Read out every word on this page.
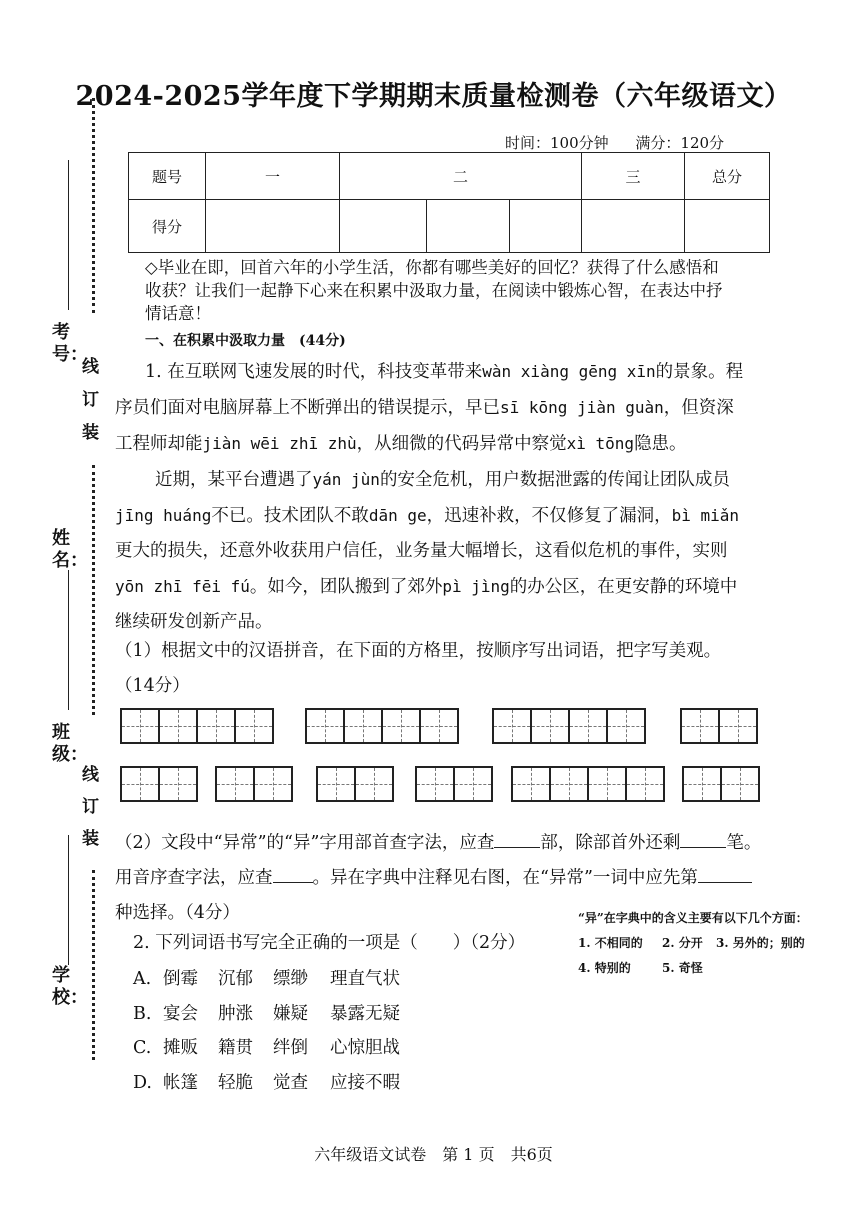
2024-2025学年度下学期期末质量检测卷（六年级语文）
时间：100分钟 满分：120分
题号	一	二			三	总分
得分						
考号：
姓名：
班级：
学校：
线
订
装
线
订
装
◇毕业在即，回首六年的小学生活，你都有哪些美好的回忆？获得了什么感悟和
收获？让我们一起静下心来在积累中汲取力量，在阅读中锻炼心智，在表达中抒
情话意！
一、在积累中汲取力量　(44分)
1. 在互联网飞速发展的时代，科技变革带来wàn xiàng gēng xīn的景象。程
序员们面对电脑屏幕上不断弹出的错误提示，早已sī kōng jiàn guàn，但资深
工程师却能jiàn wēi zhī zhù，从细微的代码异常中察觉xì tōng隐患。
近期，某平台遭遇了yán jùn的安全危机，用户数据泄露的传闻让团队成员
jīng huáng不已。技术团队不敢dān ge，迅速补救，不仅修复了漏洞，bì miǎn
更大的损失，还意外收获用户信任，业务量大幅增长，这看似危机的事件，实则
yōn zhī fēi fú。如今，团队搬到了郊外pì jìng的办公区，在更安静的环境中
继续研发创新产品。
（1）根据文中的汉语拼音，在下面的方格里，按顺序写出词语，把字写美观。
（14分）
（2）文段中“异常”的“异”字用部首查字法，应查	部，除部首外还剩	笔。
用音序查字法，应查 。异在字典中注释见右图，在“异常”一词中应先第
种选择。（4分）	“异”在字典中的含义主要有以下几个方面：
1. 不相同的 2. 分开 3. 另外的；别的
4. 特别的	5. 奇怪
2. 下列词语书写完全正确的一项是（　　）（2分）
A. 倒霉 沉郁 缥缈 理直气状
B. 宴会 肿涨 嫌疑 暴露无疑
C. 摊贩 籍贯 绊倒 心惊胆战
D. 帐篷 轻脆 觉查 应接不暇
六年级语文试卷　第 1 页　共6页
